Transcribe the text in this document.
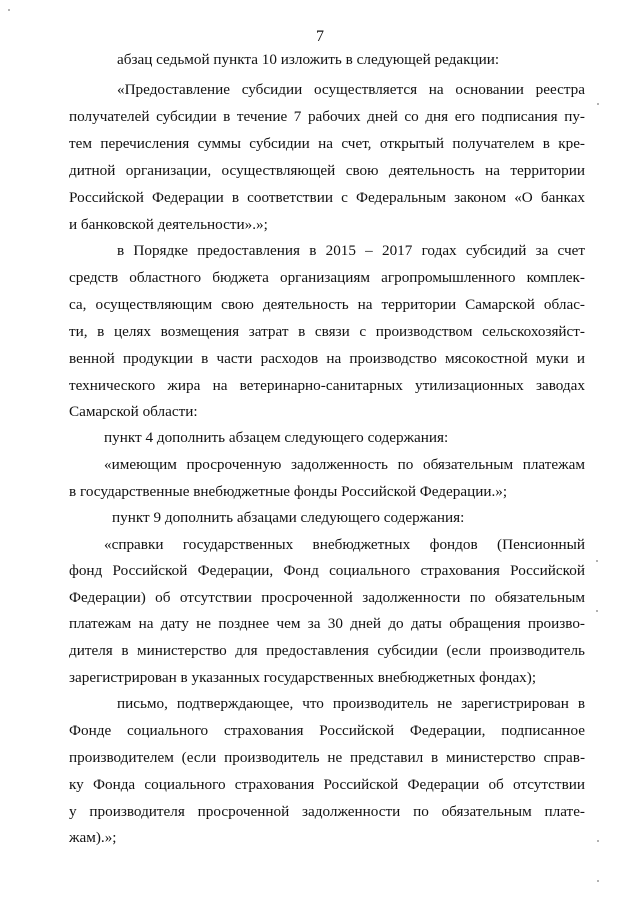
7
абзац седьмой пункта 10 изложить в следующей редакции:
«Предоставление субсидии осуществляется на основании реестра
получателей субсидии в течение 7 рабочих дней со дня его подписания пу-
тем перечисления суммы субсидии на счет, открытый получателем в кре-
дитной организации, осуществляющей свою деятельность на территории
Российской Федерации в соответствии с Федеральным законом «О банках
и банковской деятельности».»;
в Порядке предоставления в 2015 – 2017 годах субсидий за счет
средств областного бюджета организациям агропромышленного комплек-
са, осуществляющим свою деятельность на территории Самарской облас-
ти, в целях возмещения затрат в связи с производством сельскохозяйст-
венной продукции в части расходов на производство мясокостной муки и
технического жира на ветеринарно-санитарных утилизационных заводах
Самарской области:
пункт 4 дополнить абзацем следующего содержания:
«имеющим просроченную задолженность по обязательным платежам
в государственные внебюджетные фонды Российской Федерации.»;
пункт 9 дополнить абзацами следующего содержания:
«справки государственных внебюджетных фондов (Пенсионный
фонд Российской Федерации, Фонд социального страхования Российской
Федерации) об отсутствии просроченной задолженности по обязательным
платежам на дату не позднее чем за 30 дней до даты обращения произво-
дителя в министерство для предоставления субсидии (если производитель
зарегистрирован в указанных государственных внебюджетных фондах);
письмо, подтверждающее, что производитель не зарегистрирован в
Фонде социального страхования Российской Федерации, подписанное
производителем (если производитель не представил в министерство справ-
ку Фонда социального страхования Российской Федерации об отсутствии
у производителя просроченной задолженности по обязательным плате-
жам).»;
